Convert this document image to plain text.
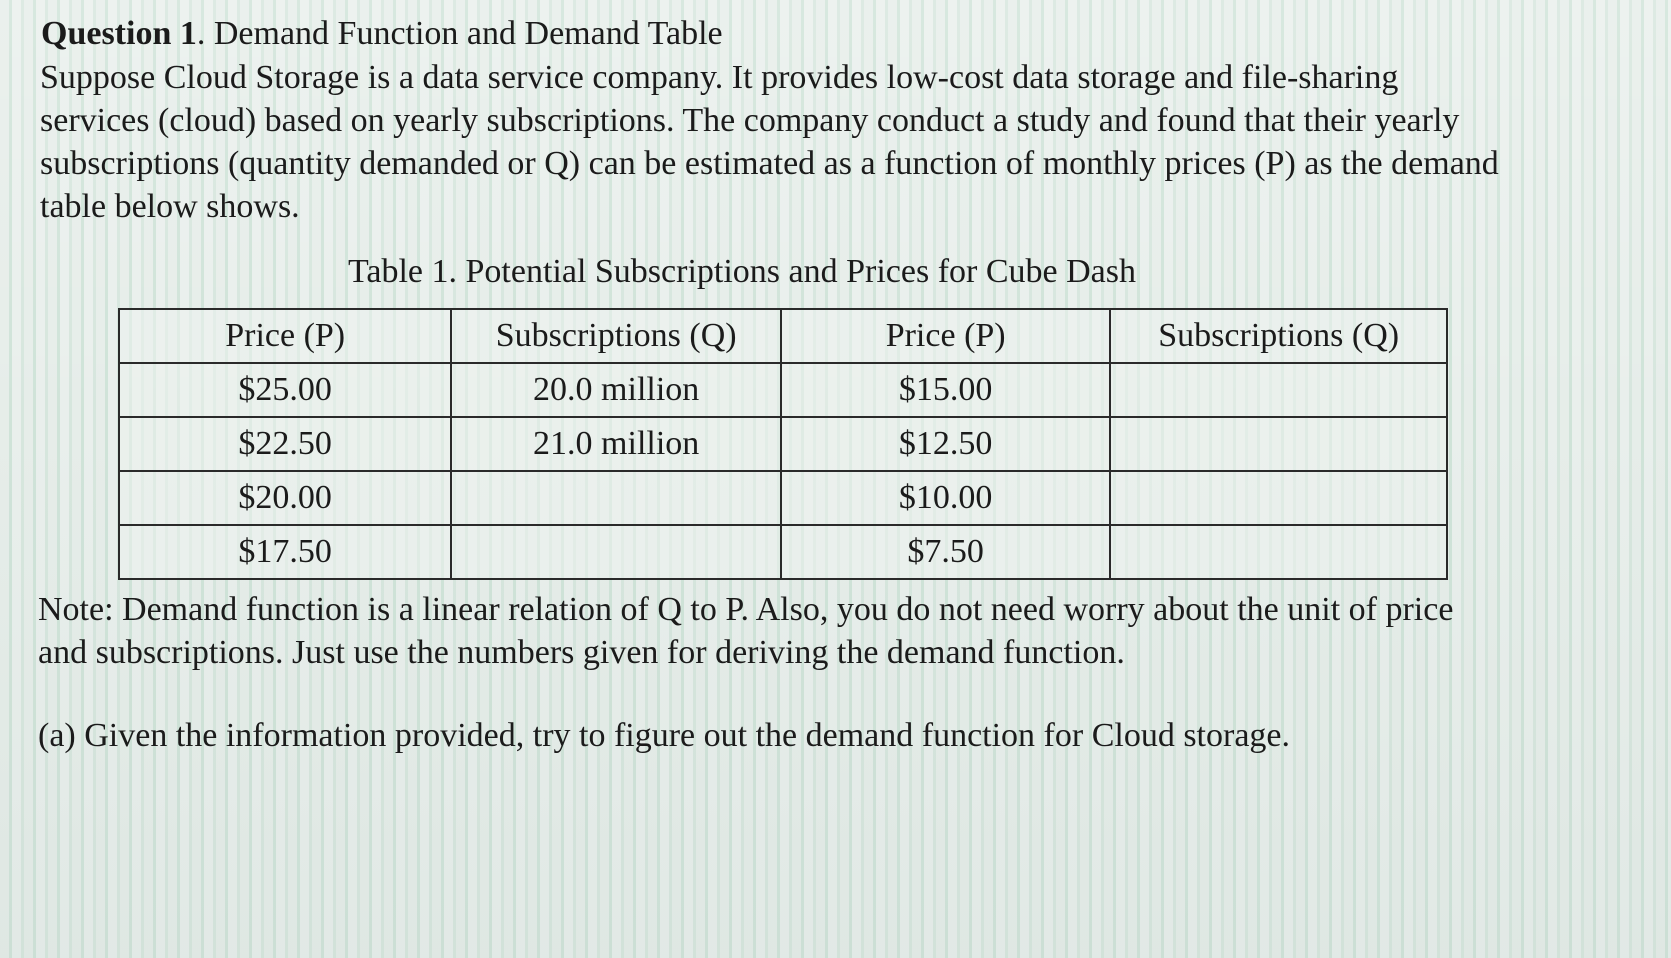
Question 1. Demand Function and Demand Table

Suppose Cloud Storage is a data service company. It provides low-cost data storage and file-sharing services (cloud) based on yearly subscriptions. The company conduct a study and found that their yearly subscriptions (quantity demanded or Q) can be estimated as a function of monthly prices (P) as the demand table below shows.

Table 1. Potential Subscriptions and Prices for Cube Dash
Price (P)	Subscriptions (Q)	Price (P)	Subscriptions (Q)
$25.00	20.0 million	$15.00	
$22.50	21.0 million	$12.50	
$20.00		$10.00	
$17.50		$7.50	

Note: Demand function is a linear relation of Q to P. Also, you do not need worry about the unit of price and subscriptions. Just use the numbers given for deriving the demand function.

(a) Given the information provided, try to figure out the demand function for Cloud storage.
